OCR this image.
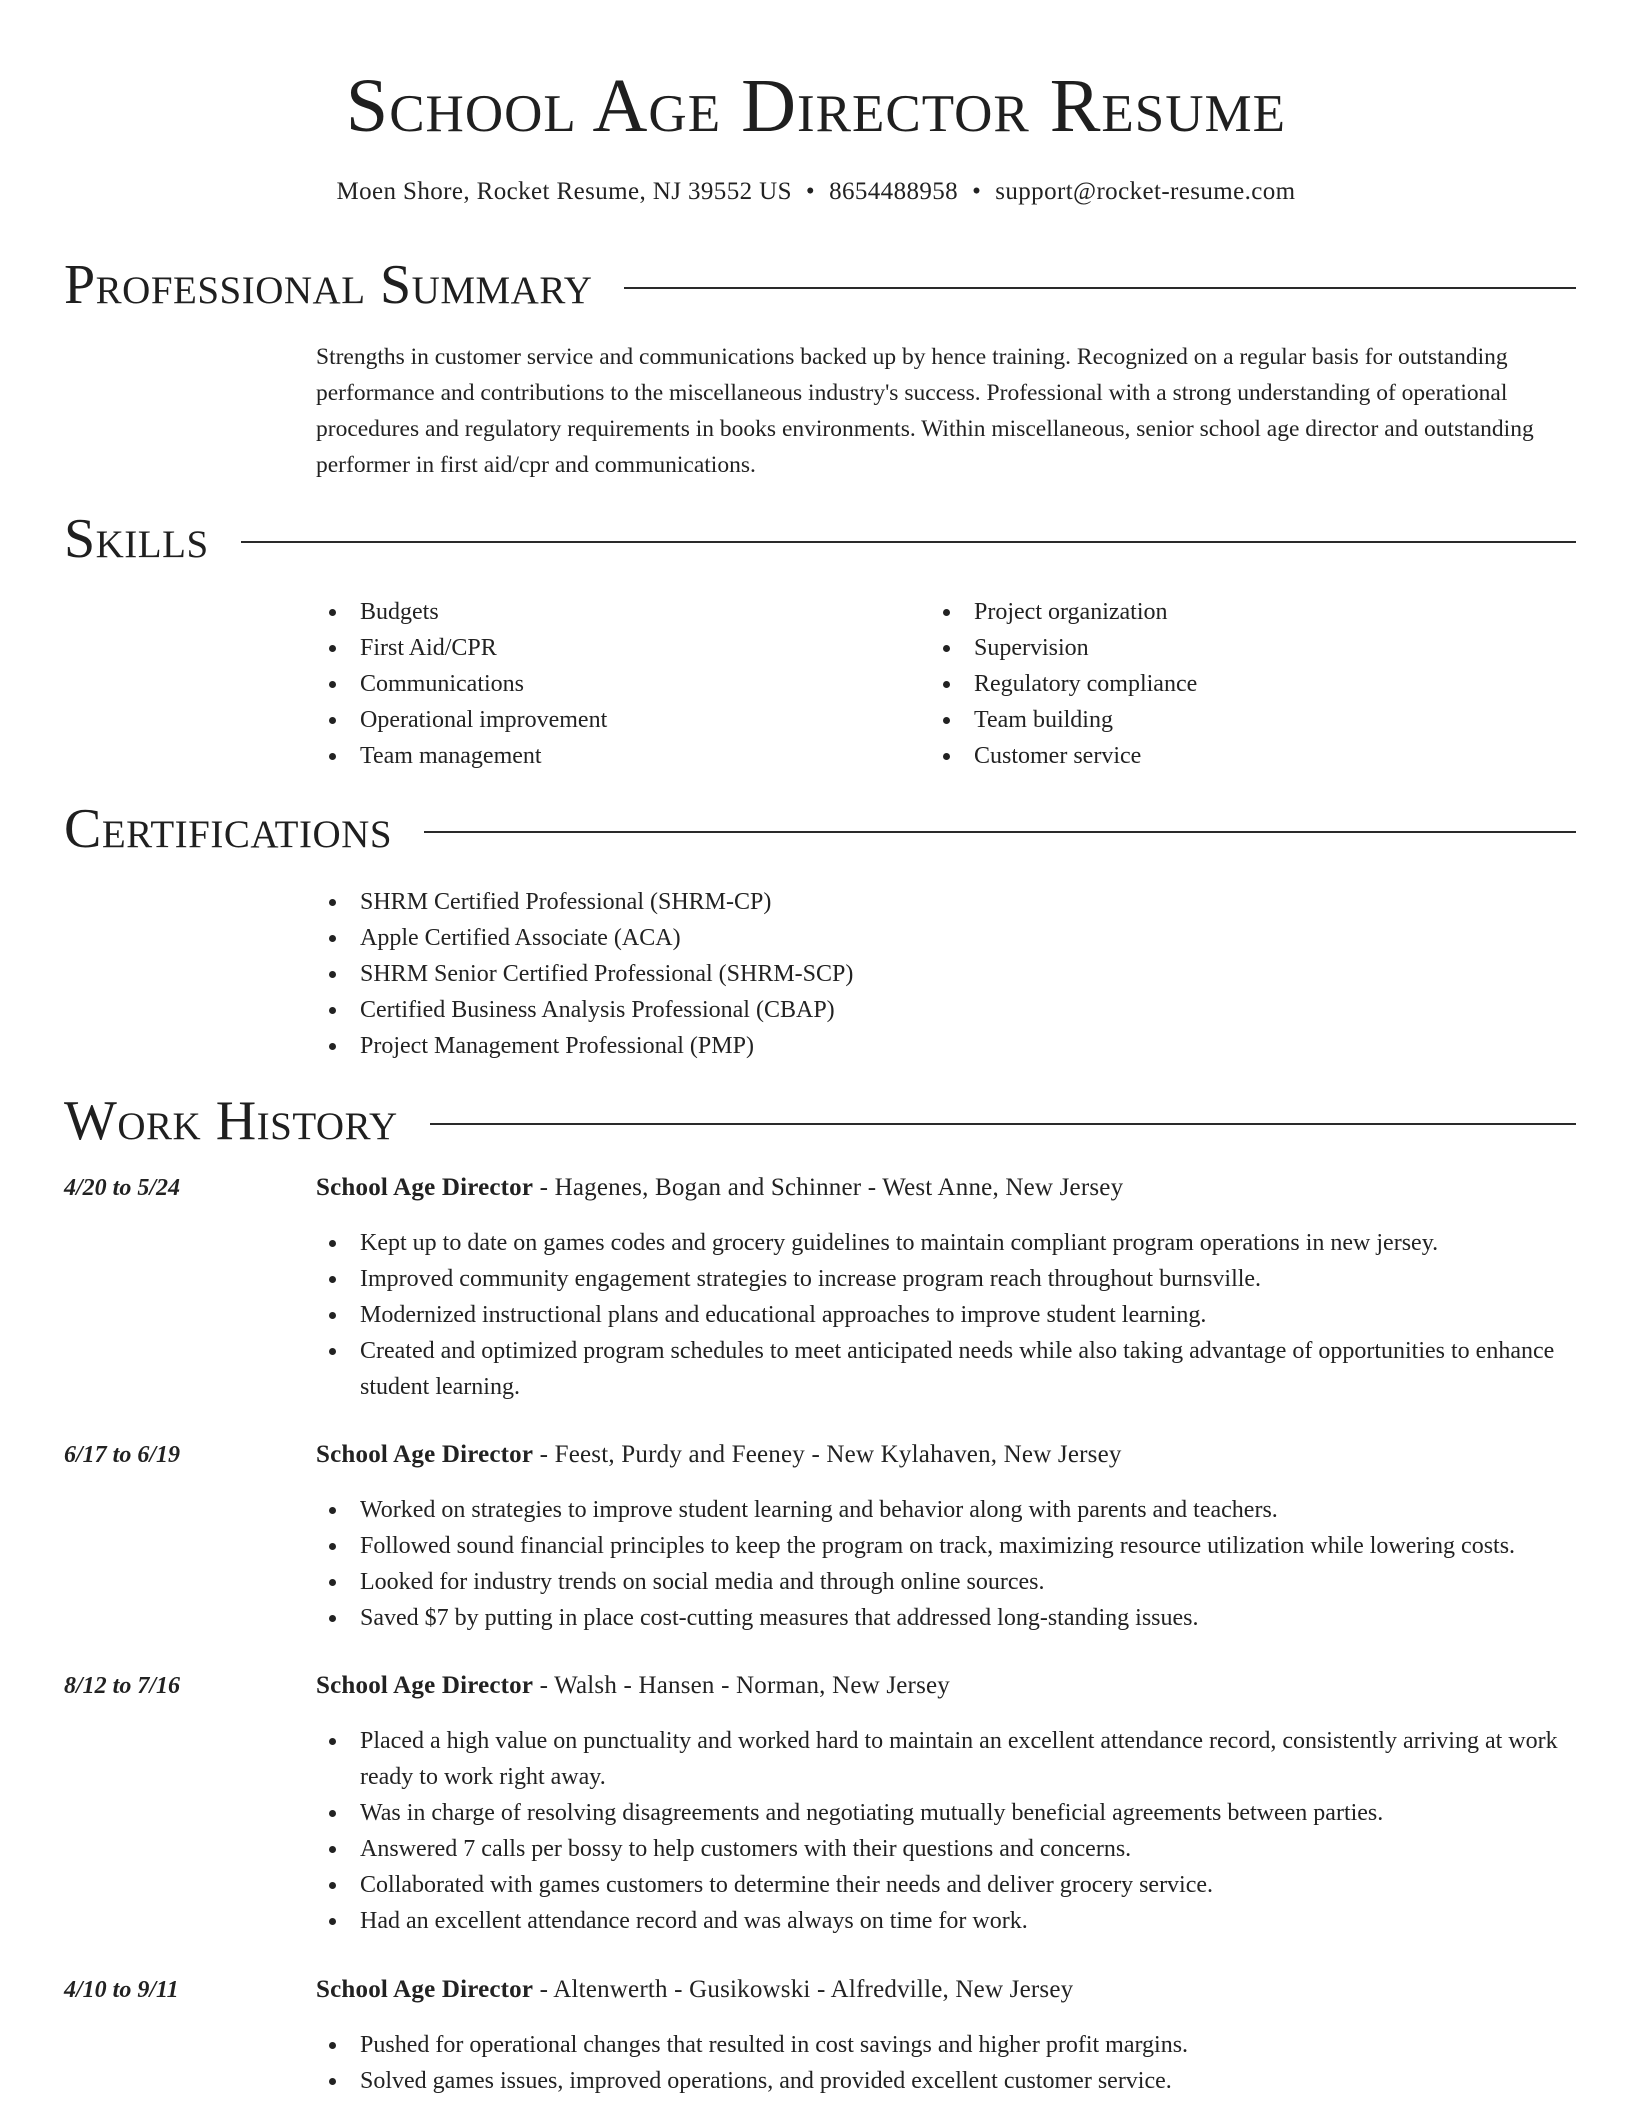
School Age Director Resume
Moen Shore, Rocket Resume, NJ 39552 US • 8654488958 • support@rocket-resume.com
Professional Summary

Strengths in customer service and communications backed up by hence training. Recognized on a regular basis for outstanding performance and contributions to the miscellaneous industry's success. Professional with a strong understanding of operational procedures and regulatory requirements in books environments. Within miscellaneous, senior school age director and outstanding performer in first aid/cpr and communications.

Skills
Budgets
First Aid/CPR
Communications
Operational improvement
Team management
Project organization
Supervision
Regulatory compliance
Team building
Customer service
Certifications
SHRM Certified Professional (SHRM-CP)
Apple Certified Associate (ACA)
SHRM Senior Certified Professional (SHRM-SCP)
Certified Business Analysis Professional (CBAP)
Project Management Professional (PMP)
Work History
4/20 to 5/24	School Age Director - Hagenes, Bogan and Schinner - West Anne, New Jersey
Kept up to date on games codes and grocery guidelines to maintain compliant program operations in new jersey.
Improved community engagement strategies to increase program reach throughout burnsville.
Modernized instructional plans and educational approaches to improve student learning.
Created and optimized program schedules to meet anticipated needs while also taking advantage of opportunities to enhance student learning.
6/17 to 6/19	School Age Director - Feest, Purdy and Feeney - New Kylahaven, New Jersey
Worked on strategies to improve student learning and behavior along with parents and teachers.
Followed sound financial principles to keep the program on track, maximizing resource utilization while lowering costs.
Looked for industry trends on social media and through online sources.
Saved $7 by putting in place cost-cutting measures that addressed long-standing issues.
8/12 to 7/16	School Age Director - Walsh - Hansen - Norman, New Jersey
Placed a high value on punctuality and worked hard to maintain an excellent attendance record, consistently arriving at work ready to work right away.
Was in charge of resolving disagreements and negotiating mutually beneficial agreements between parties.
Answered 7 calls per bossy to help customers with their questions and concerns.
Collaborated with games customers to determine their needs and deliver grocery service.
Had an excellent attendance record and was always on time for work.
4/10 to 9/11	School Age Director - Altenwerth - Gusikowski - Alfredville, New Jersey
Pushed for operational changes that resulted in cost savings and higher profit margins.
Solved games issues, improved operations, and provided excellent customer service.
